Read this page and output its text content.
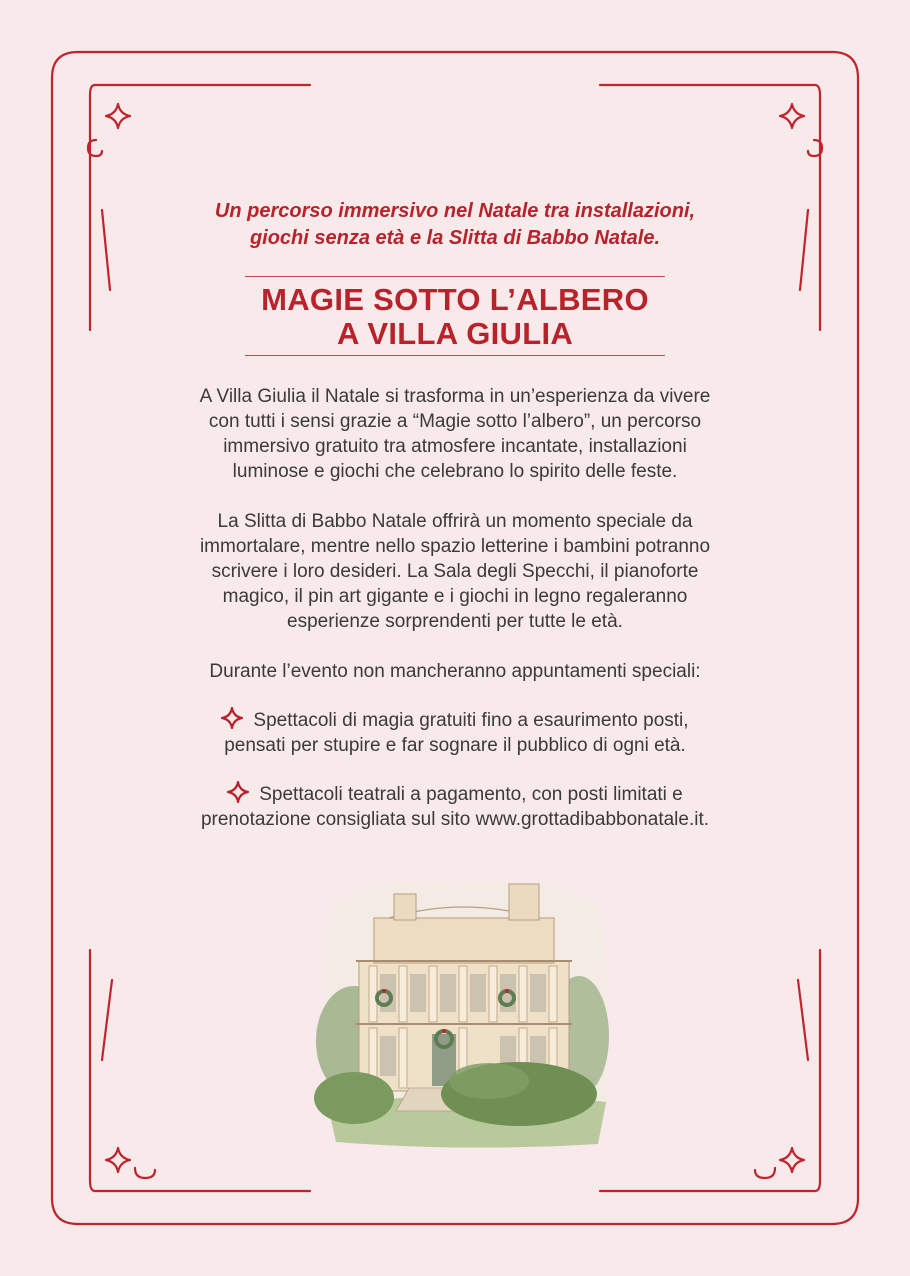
Un percorso immersivo nel Natale tra installazioni,
giochi senza età e la Slitta di Babbo Natale.

MAGIE SOTTO L’ALBERO
A VILLA GIULIA

A Villa Giulia il Natale si trasforma in un’esperienza da vivere
con tutti i sensi grazie a “Magie sotto l’albero”, un percorso
immersivo gratuito tra atmosfere incantate, installazioni
luminose e giochi che celebrano lo spirito delle feste.

La Slitta di Babbo Natale offrirà un momento speciale da
immortalare, mentre nello spazio letterine i bambini potranno
scrivere i loro desideri. La Sala degli Specchi, il pianoforte
magico, il pin art gigante e i giochi in legno regaleranno
esperienze sorprendenti per tutte le età.

Durante l’evento non mancheranno appuntamenti speciali:

Spettacoli di magia gratuiti fino a esaurimento posti,
pensati per stupire e far sognare il pubblico di ogni età.

Spettacoli teatrali a pagamento, con posti limitati e
prenotazione consigliata sul sito www.grottadibabbonatale.it.
